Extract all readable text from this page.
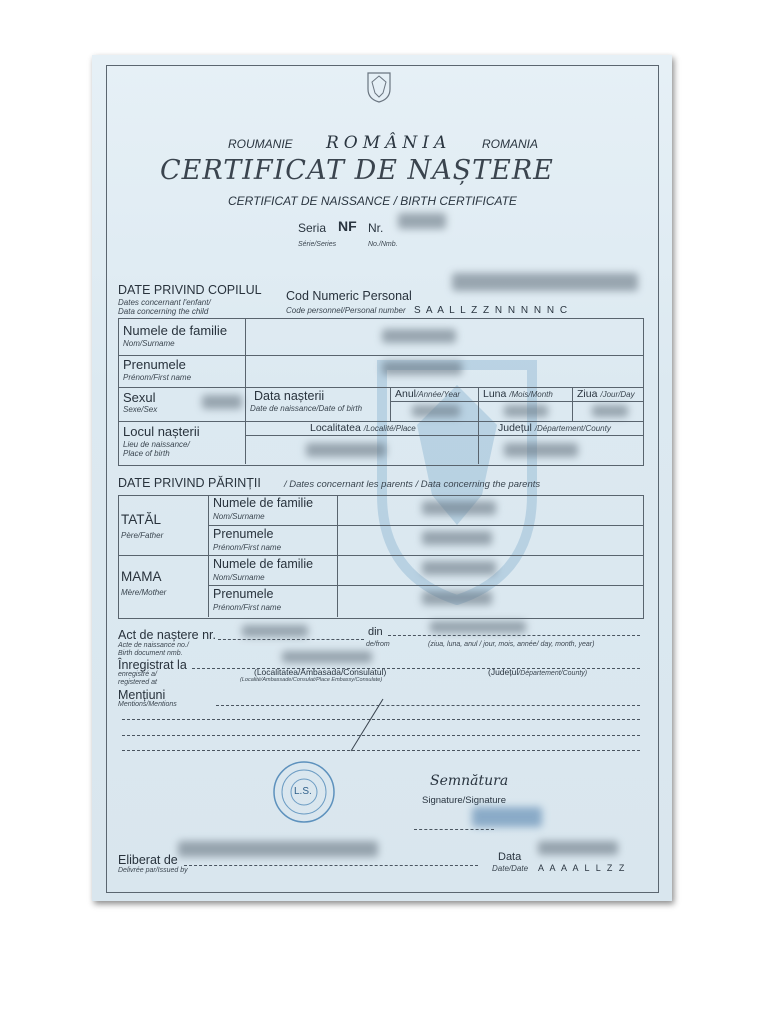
ROUMANIE ROMÂNIA	ROMANIA
CERTIFICAT DE NAȘTERE
CERTIFICAT DE NAISSANCE / BIRTH CERTIFICATE
Seria NF Nr.
Série/Series	No./Nmb.
DATE PRIVIND COPILUL
Dates concernant l'enfant/
Data concerning the child
Cod Numeric Personal
Code personnel/Personal number S A A L L Z Z N N N N N C
Numele de familie
Nom/Surname
Prenumele
Prénom/First name
Sexul
Sexe/Sex
Data nașterii
Date de naissance/Date of birth
Anul/Année/Year Luna /Mois/Month Ziua /Jour/Day
Locul nașterii
Lieu de naissance/
Place of birth
Localitatea /Localité/Place	Județul /Département/County
DATE PRIVIND PĂRINȚII / Dates concernant les parents / Data concerning the parents
TATĂL
Père/Father
Numele de familie
Nom/Surname
Prenumele
Prénom/First name
MAMA
Mère/Mother
Numele de familie
Nom/Surname
Prenumele
Prénom/First name
Act de naștere nr.
Acte de naissance no./
Birth document nmb.
din
de/from	(ziua, luna, anul / jour, mois, année/ day, month, year)
Înregistrat la
enregistré a/
registered at
(Localitatea/Ambasada/Consulatul)
(Localité/Ambassade/Consulat/Place Embassy/Consulate)
(Județul/Département/County)
Mențiuni
Mentions/Mentions
L.S.
Semnătura
Signature/Signature
Eliberat de
Delivrée par/Issued by
Data
Date/Date A A A A L L Z Z
